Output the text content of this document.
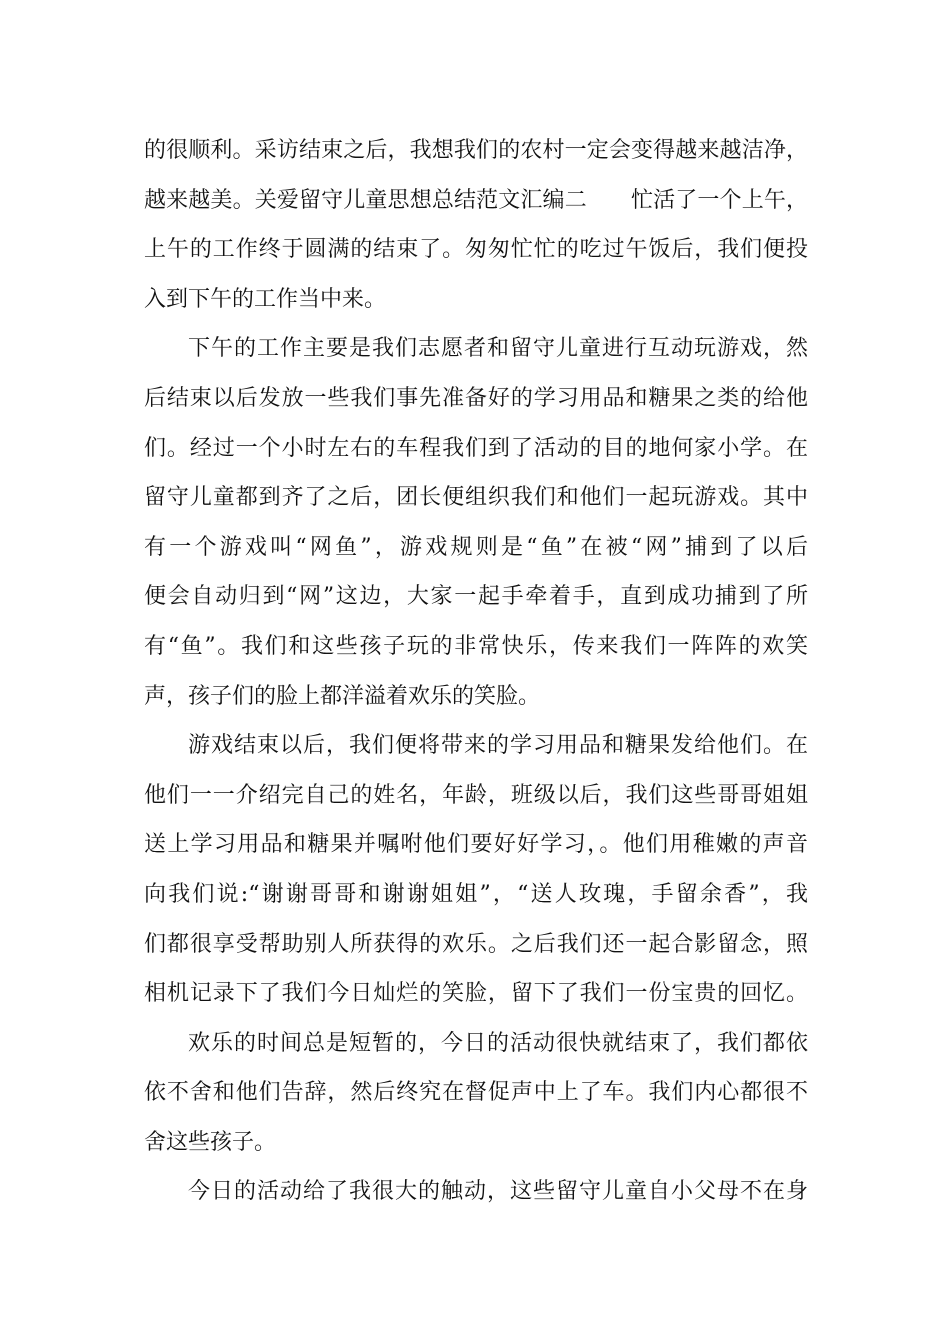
的很顺利。采访结束之后，我想我们的农村一定会变得越来越洁净，
越来越美。关爱留守儿童思想总结范文汇编二 忙活了一个上午，
上午的工作终于圆满的结束了。匆匆忙忙的吃过午饭后，我们便投
入到下午的工作当中来。
下午的工作主要是我们志愿者和留守儿童进行互动玩游戏，然
后结束以后发放一些我们事先准备好的学习用品和糖果之类的给他
们。经过一个小时左右的车程我们到了活动的目的地何家小学。在
留守儿童都到齐了之后，团长便组织我们和他们一起玩游戏。其中
有一个游戏叫“网鱼”，游戏规则是“鱼”在被“网”捕到了以后
便会自动归到“网”这边，大家一起手牵着手，直到成功捕到了所
有“鱼”。我们和这些孩子玩的非常快乐，传来我们一阵阵的欢笑
声，孩子们的脸上都洋溢着欢乐的笑脸。
游戏结束以后，我们便将带来的学习用品和糖果发给他们。在
他们一一介绍完自己的姓名，年龄，班级以后，我们这些哥哥姐姐
送上学习用品和糖果并嘱咐他们要好好学习，。他们用稚嫩的声音
向我们说:“谢谢哥哥和谢谢姐姐”，“送人玫瑰，手留余香”，我
们都很享受帮助别人所获得的欢乐。之后我们还一起合影留念，照
相机记录下了我们今日灿烂的笑脸，留下了我们一份宝贵的回忆。
欢乐的时间总是短暂的，今日的活动很快就结束了，我们都依
依不舍和他们告辞，然后终究在督促声中上了车。我们内心都很不
舍这些孩子。
今日的活动给了我很大的触动，这些留守儿童自小父母不在身
